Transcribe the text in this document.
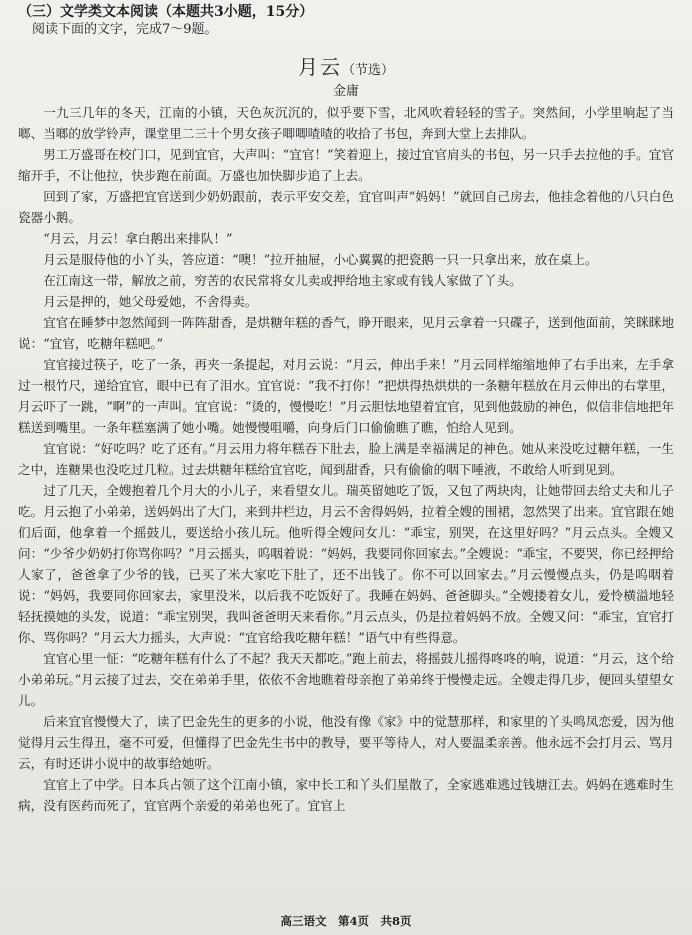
（三）文学类文本阅读（本题共3小题，15分）

阅读下面的文字，完成7～9题。

月云（节选）
金庸

一九三几年的冬天，江南的小镇，天色灰沉沉的，似乎要下雪，北风吹着轻轻的雪子。突然间，小学里响起了当啷、当啷的放学铃声，课堂里二三十个男女孩子唧唧喳喳的收拾了书包，奔到大堂上去排队。

男工万盛哥在校门口，见到宜官，大声叫：“宜官！”笑着迎上，接过宜官肩头的书包，另一只手去拉他的手。宜官缩开手，不让他拉，快步跑在前面。万盛也加快脚步追了上去。

回到了家，万盛把宜官送到少奶奶跟前，表示平安交差，宜官叫声“妈妈！”就回自己房去，他挂念着他的八只白色瓷器小鹅。

“月云，月云！拿白鹅出来排队！”

月云是服侍他的小丫头，答应道：“噢！”拉开抽屉，小心翼翼的把瓷鹅一只一只拿出来，放在桌上。

在江南这一带，解放之前，穷苦的农民常将女儿卖或押给地主家或有钱人家做了丫头。

月云是押的，她父母爱她，不舍得卖。

宜官在睡梦中忽然闻到一阵阵甜香，是烘糖年糕的香气，睁开眼来，见月云拿着一只碟子，送到他面前，笑眯眯地说：“宜官，吃糖年糕吧。”

宜官接过筷子，吃了一条，再夹一条提起，对月云说：“月云，伸出手来！”月云同样缩缩地伸了右手出来，左手拿过一根竹尺，递给宜官，眼中已有了泪水。宜官说：“我不打你！”把烘得热烘烘的一条糖年糕放在月云伸出的右掌里，月云吓了一跳，“啊”的一声叫。宜官说：“烫的，慢慢吃！”月云胆怯地望着宜官，见到他鼓励的神色，似信非信地把年糕送到嘴里。一条年糕塞满了她小嘴。她慢慢咀嚼，向身后门口偷偷瞧了瞧，怕给人见到。

宜官说：“好吃吗？吃了还有。”月云用力将年糕吞下肚去，脸上满是幸福满足的神色。她从来没吃过糖年糕，一生之中，连糖果也没吃过几粒。过去烘糖年糕给宜官吃，闻到甜香，只有偷偷的咽下唾液，不敢给人听到见到。

过了几天，全嫂抱着几个月大的小儿子，来看望女儿。瑞英留她吃了饭，又包了两块肉，让她带回去给丈夫和儿子吃。月云抱了小弟弟，送妈妈出了大门，来到井栏边，月云不舍得妈妈，拉着全嫂的围裙，忽然哭了出来。宜官跟在她们后面，他拿着一个摇鼓儿，要送给小孩儿玩。他听得全嫂问女儿：“乖宝，别哭，在这里好吗？”月云点头。全嫂又问：“少爷少奶奶打你骂你吗？”月云摇头，呜咽着说：“妈妈，我要同你回家去。”全嫂说：“乖宝，不要哭，你已经押给人家了，爸爸拿了少爷的钱，已买了米大家吃下肚了，还不出钱了。你不可以回家去。”月云慢慢点头，仍是呜咽着说：“妈妈，我要同你回家去，家里没米，以后我不吃饭好了。我睡在妈妈、爸爸脚头。”全嫂搂着女儿，爱怜横溢地轻轻抚摸她的头发，说道：“乖宝别哭，我叫爸爸明天来看你。”月云点头，仍是拉着妈妈不放。全嫂又问：“乖宝，宜官打你、骂你吗？”月云大力摇头，大声说：“宜官给我吃糖年糕！”语气中有些得意。

宜官心里一怔：“吃糖年糕有什么了不起？我天天都吃。”跑上前去，将摇鼓儿摇得咚咚的响，说道：“月云，这个给小弟弟玩。”月云接了过去，交在弟弟手里，依依不舍地瞧着母亲抱了弟弟终于慢慢走远。全嫂走得几步，便回头望望女儿。

后来宜官慢慢大了，读了巴金先生的更多的小说，他没有像《家》中的觉慧那样，和家里的丫头鸣凤恋爱，因为他觉得月云生得丑，毫不可爱，但懂得了巴金先生书中的教导，要平等待人，对人要温柔亲善。他永远不会打月云、骂月云，有时还讲小说中的故事给她听。

宜官上了中学。日本兵占领了这个江南小镇，家中长工和丫头们星散了，全家逃难逃过钱塘江去。妈妈在逃难时生病，没有医药而死了，宜官两个亲爱的弟弟也死了。宜官上

高三语文　第4页　共8页
